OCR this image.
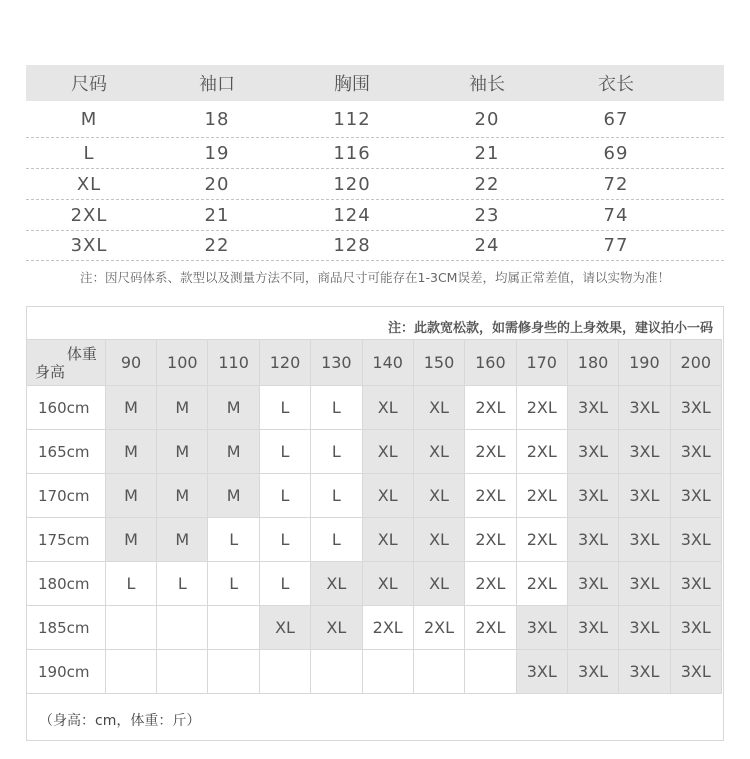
尺码	袖口	胸围	袖长	衣长
M	18	112	20	67
L	19	116	21	69
XL	20	120	22	72
2XL	21	124	23	74
3XL	22	128	24	77
注：因尺码体系、款型以及测量方法不同，商品尺寸可能存在1-3CM误差，均属正常差值，请以实物为准！
注：此款宽松款，如需修身些的上身效果，建议拍小一码
体重
身高	90	100	110	120	130	140	150	160	170	180	190	200
160cm	M	M	M	L	L	XL	XL	2XL	2XL	3XL	3XL	3XL
165cm	M	M	M	L	L	XL	XL	2XL	2XL	3XL	3XL	3XL
170cm	M	M	M	L	L	XL	XL	2XL	2XL	3XL	3XL	3XL
175cm	M	M	L	L	L	XL	XL	2XL	2XL	3XL	3XL	3XL
180cm	L	L	L	L	XL	XL	XL	2XL	2XL	3XL	3XL	3XL
185cm				XL	XL	2XL	2XL	2XL	3XL	3XL	3XL	3XL
190cm									3XL	3XL	3XL	3XL
（身高：cm，体重：斤）
